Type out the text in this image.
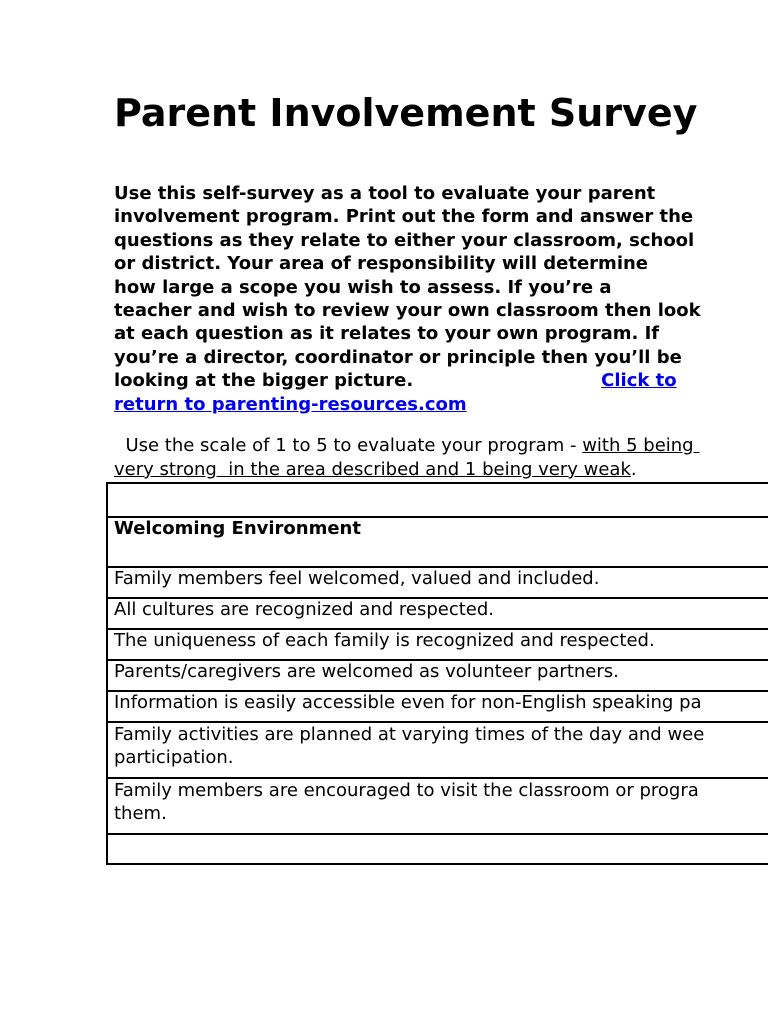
Parent Involvement Survey

Use this self-survey as a tool to evaluate your parent
involvement program. Print out the form and answer the
questions as they relate to either your classroom, school
or district. Your area of responsibility will determine
how large a scope you wish to assess. If you’re a
teacher and wish to review your own classroom then look
at each question as it relates to your own program. If
you’re a director, coordinator or principle then you’ll be
looking at the bigger picture.	Click to
return to parenting-resources.com

Use the scale of 1 to 5 to evaluate your program - with 5 being
very strong  in the area described and 1 being very weak.

Welcoming Environment
Family members feel welcomed, valued and included.
All cultures are recognized and respected.
The uniqueness of each family is recognized and respected.
Parents/caregivers are welcomed as volunteer partners.
Information is easily accessible even for non-English speaking pa

Family activities are planned at varying times of the day and wee
participation.

Family members are encouraged to visit the classroom or progra
them.
